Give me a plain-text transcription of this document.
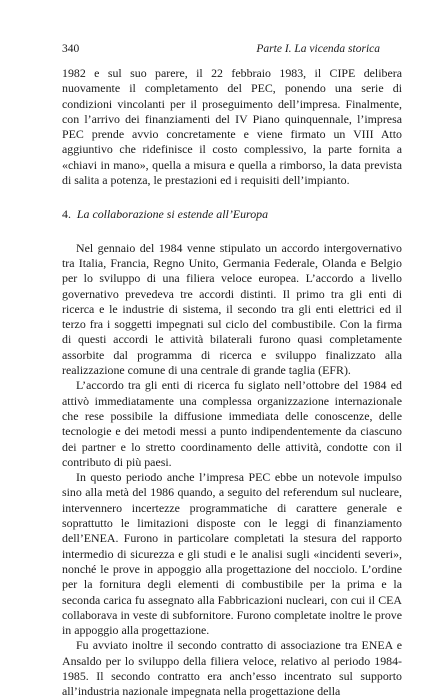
340	Parte I. La vicenda storica

1982 e sul suo parere, il 22 febbraio 1983, il CIPE delibera nuovamente il completamento del PEC, ponendo una serie di condizioni vincolanti per il proseguimento dell’impresa. Finalmente, con l’arrivo dei finanziamenti del IV Piano quinquennale, l’impresa PEC prende avvio concretamente e viene firmato un VIII Atto aggiuntivo che ridefinisce il costo complessivo, la parte fornita a «chiavi in mano», quella a misura e quella a rimborso, la data prevista di salita a potenza, le prestazioni ed i requisiti dell’impianto.

4. La collaborazione si estende all’Europa

Nel gennaio del 1984 venne stipulato un accordo intergovernativo tra Italia, Francia, Regno Unito, Germania Federale, Olanda e Belgio per lo sviluppo di una filiera veloce europea. L’accordo a livello governativo prevedeva tre accordi distinti. Il primo tra gli enti di ricerca e le industrie di sistema, il secondo tra gli enti elettrici ed il terzo fra i soggetti impegnati sul ciclo del combustibile. Con la firma di questi accordi le attività bilaterali furono quasi completamente assorbite dal programma di ricerca e sviluppo finalizzato alla realizzazione comune di una centrale di grande taglia (EFR).

L’accordo tra gli enti di ricerca fu siglato nell’ottobre del 1984 ed attivò immediatamente una complessa organizzazione internazionale che rese possibile la diffusione immediata delle conoscenze, delle tecnologie e dei metodi messi a punto indipendentemente da ciascuno dei partner e lo stretto coordinamento delle attività, condotte con il contributo di più paesi.

In questo periodo anche l’impresa PEC ebbe un notevole impulso sino alla metà del 1986 quando, a seguito del referendum sul nucleare, intervennero incertezze programmatiche di carattere generale e soprattutto le limitazioni disposte con le leggi di finanziamento dell’ENEA. Furono in particolare completati la stesura del rapporto intermedio di sicurezza e gli studi e le analisi sugli «incidenti severi», nonché le prove in appoggio alla progettazione del nocciolo. L’ordine per la fornitura degli elementi di combustibile per la prima e la seconda carica fu assegnato alla Fabbricazioni nucleari, con cui il CEA collaborava in veste di subfornitore. Furono completate inoltre le prove in appoggio alla progettazione.

Fu avviato inoltre il secondo contratto di associazione tra ENEA e Ansaldo per lo sviluppo della filiera veloce, relativo al periodo 1984-1985. Il secondo contratto era anch’esso incentrato sul supporto all’industria nazionale impegnata nella progettazione della
